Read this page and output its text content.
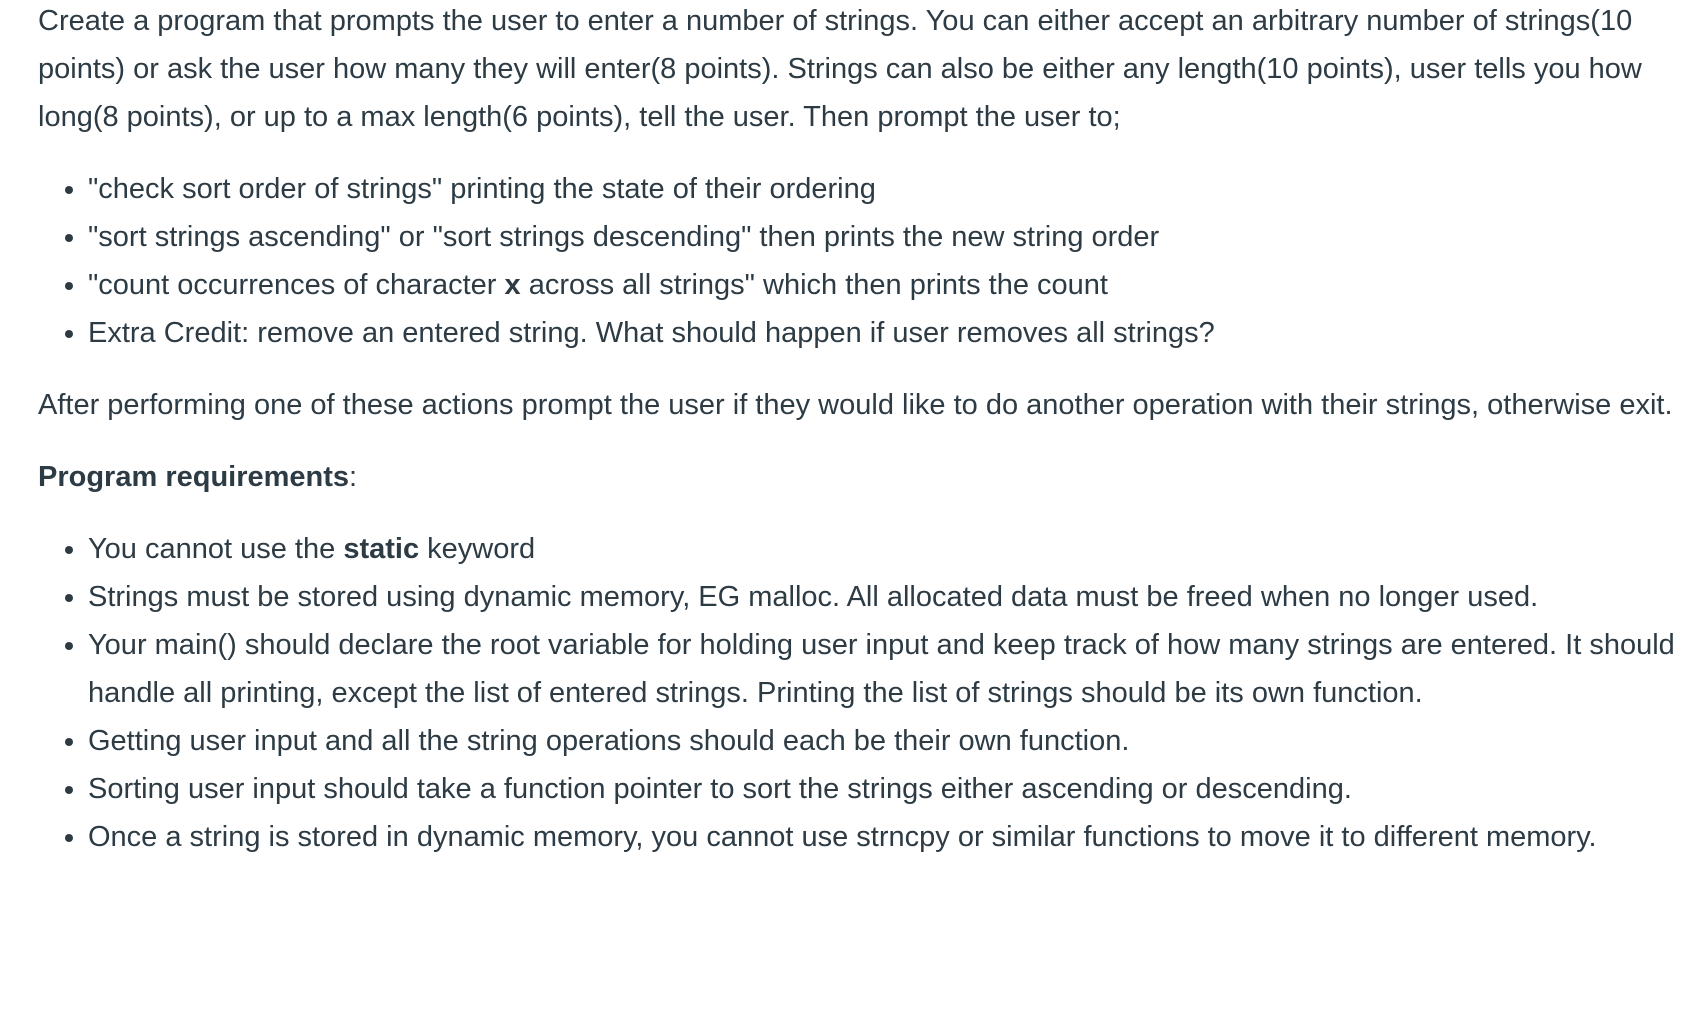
Create a program that prompts the user to enter a number of strings. You can either accept an arbitrary number of strings(10 points) or ask the user how many they will enter(8 points). Strings can also be either any length(10 points), user tells you how long(8 points), or up to a max length(6 points), tell the user. Then prompt the user to;

• "check sort order of strings" printing the state of their ordering
• "sort strings ascending" or "sort strings descending" then prints the new string order
• "count occurrences of character x across all strings" which then prints the count
• Extra Credit: remove an entered string. What should happen if user removes all strings?

After performing one of these actions prompt the user if they would like to do another operation with their strings, otherwise exit.

Program requirements:

• You cannot use the static keyword
• Strings must be stored using dynamic memory, EG malloc. All allocated data must be freed when no longer used.
• Your main() should declare the root variable for holding user input and keep track of how many strings are entered. It should handle all printing, except the list of entered strings. Printing the list of strings should be its own function.
• Getting user input and all the string operations should each be their own function.
• Sorting user input should take a function pointer to sort the strings either ascending or descending.
• Once a string is stored in dynamic memory, you cannot use strncpy or similar functions to move it to different memory.
